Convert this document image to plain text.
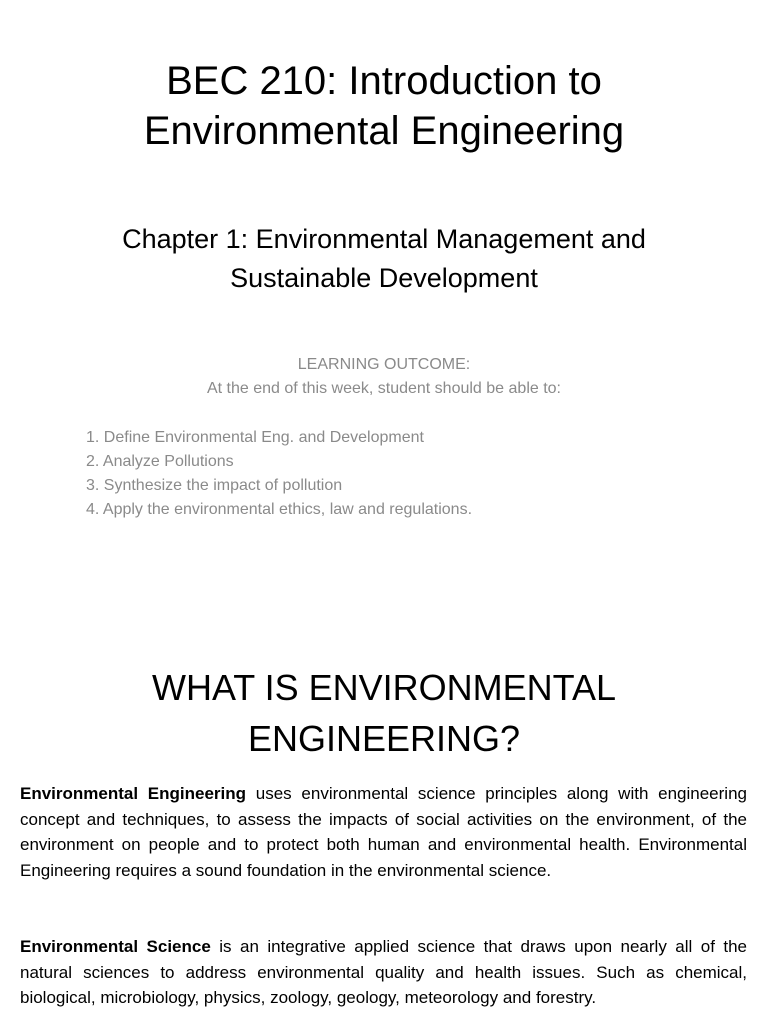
BEC 210: Introduction to
Environmental Engineering
Chapter 1: Environmental Management and
Sustainable Development
LEARNING OUTCOME:
At the end of this week, student should be able to:
1. Define Environmental Eng. and Development
2. Analyze Pollutions
3. Synthesize the impact of pollution
4. Apply the environmental ethics, law and regulations.
WHAT IS ENVIRONMENTAL
ENGINEERING?

Environmental Engineering uses environmental science principles along with engineering concept and techniques, to assess the impacts of social activities on the environment, of the environment on people and to protect both human and environmental health. Environmental Engineering requires a sound foundation in the environmental science.

Environmental Science is an integrative applied science that draws upon nearly all of the natural sciences to address environmental quality and health issues. Such as chemical, biological, microbiology, physics, zoology, geology, meteorology and forestry.
